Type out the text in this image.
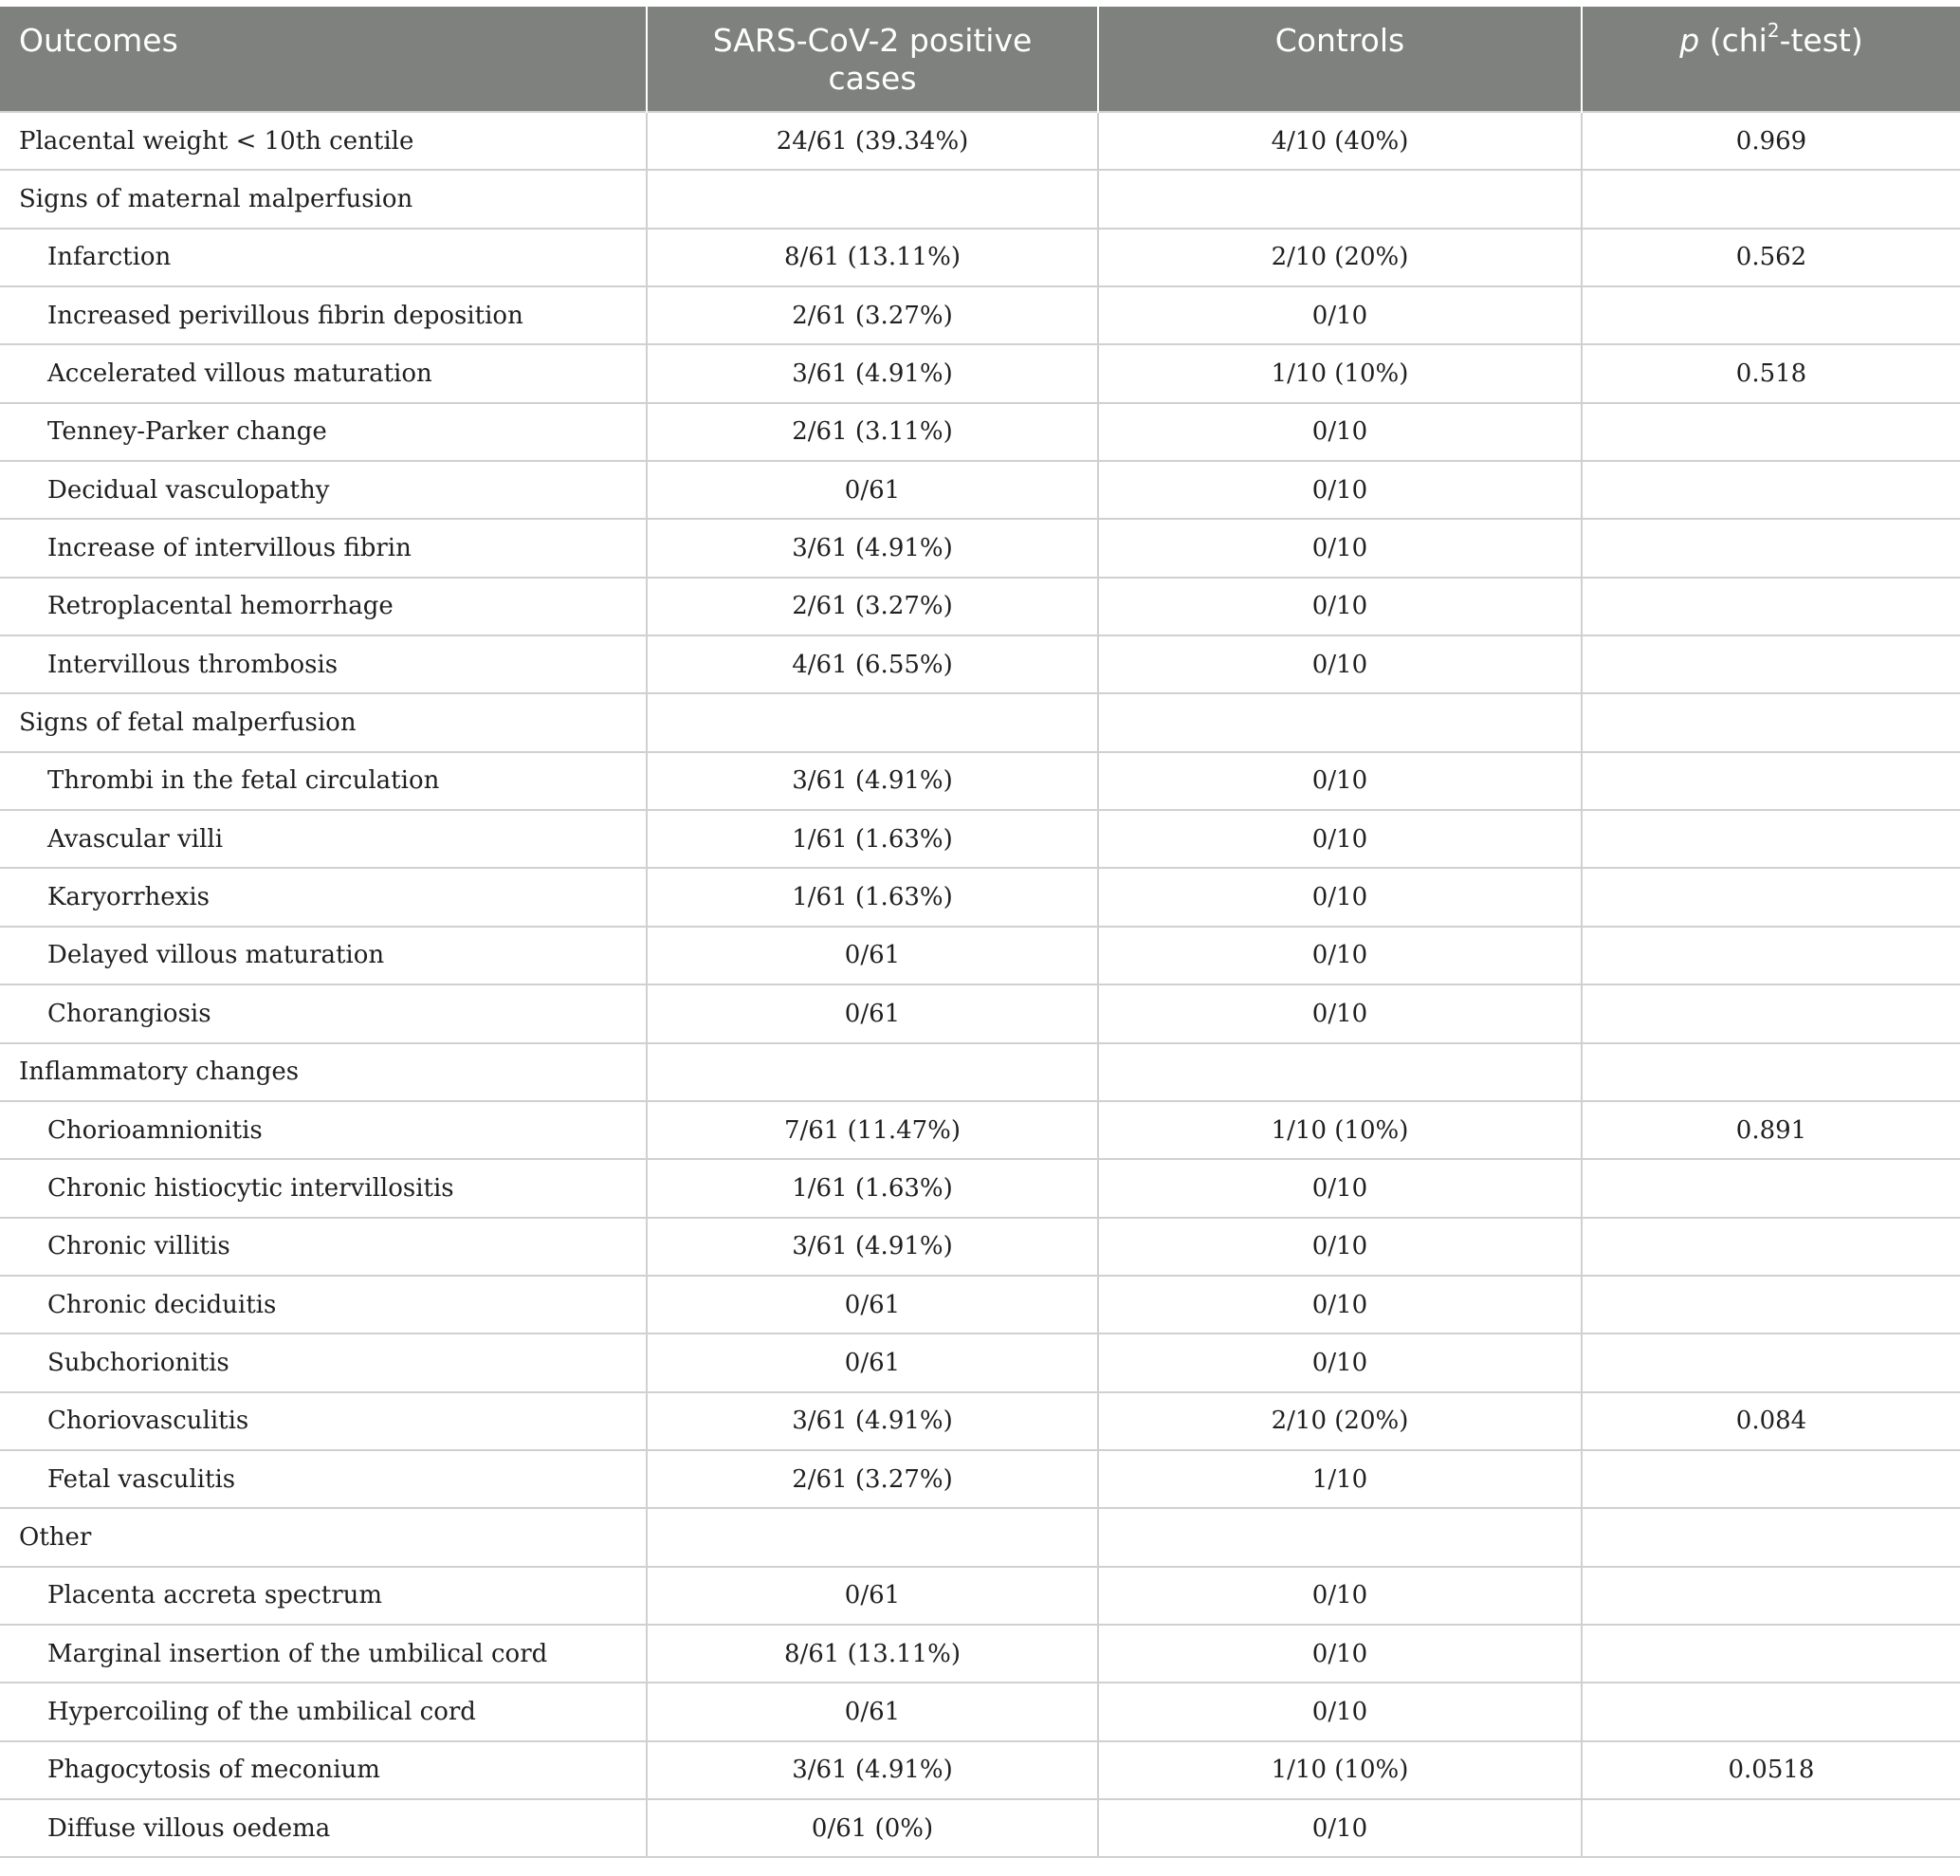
Outcomes	SARS-CoV-2 positive cases	Controls	p (chi$^2$-test)
Placental weight < 10th centile	24/61 (39.34%)	4/10 (40%)	0.969
Signs of maternal malperfusion			
Infarction	8/61 (13.11%)	2/10 (20%)	0.562
Increased perivillous fibrin deposition	2/61 (3.27%)	0/10	
Accelerated villous maturation	3/61 (4.91%)	1/10 (10%)	0.518
Tenney-Parker change	2/61 (3.11%)	0/10	
Decidual vasculopathy	0/61	0/10	
Increase of intervillous fibrin	3/61 (4.91%)	0/10	
Retroplacental hemorrhage	2/61 (3.27%)	0/10	
Intervillous thrombosis	4/61 (6.55%)	0/10	
Signs of fetal malperfusion			
Thrombi in the fetal circulation	3/61 (4.91%)	0/10	
Avascular villi	1/61 (1.63%)	0/10	
Karyorrhexis	1/61 (1.63%)	0/10	
Delayed villous maturation	0/61	0/10	
Chorangiosis	0/61	0/10	
Inflammatory changes			
Chorioamnionitis	7/61 (11.47%)	1/10 (10%)	0.891
Chronic histiocytic intervillositis	1/61 (1.63%)	0/10	
Chronic villitis	3/61 (4.91%)	0/10	
Chronic deciduitis	0/61	0/10	
Subchorionitis	0/61	0/10	
Choriovasculitis	3/61 (4.91%)	2/10 (20%)	0.084
Fetal vasculitis	2/61 (3.27%)	1/10	
Other			
Placenta accreta spectrum	0/61	0/10	
Marginal insertion of the umbilical cord	8/61 (13.11%)	0/10	
Hypercoiling of the umbilical cord	0/61	0/10	
Phagocytosis of meconium	3/61 (4.91%)	1/10 (10%)	0.0518
Diffuse villous oedema	0/61 (0%)	0/10	
